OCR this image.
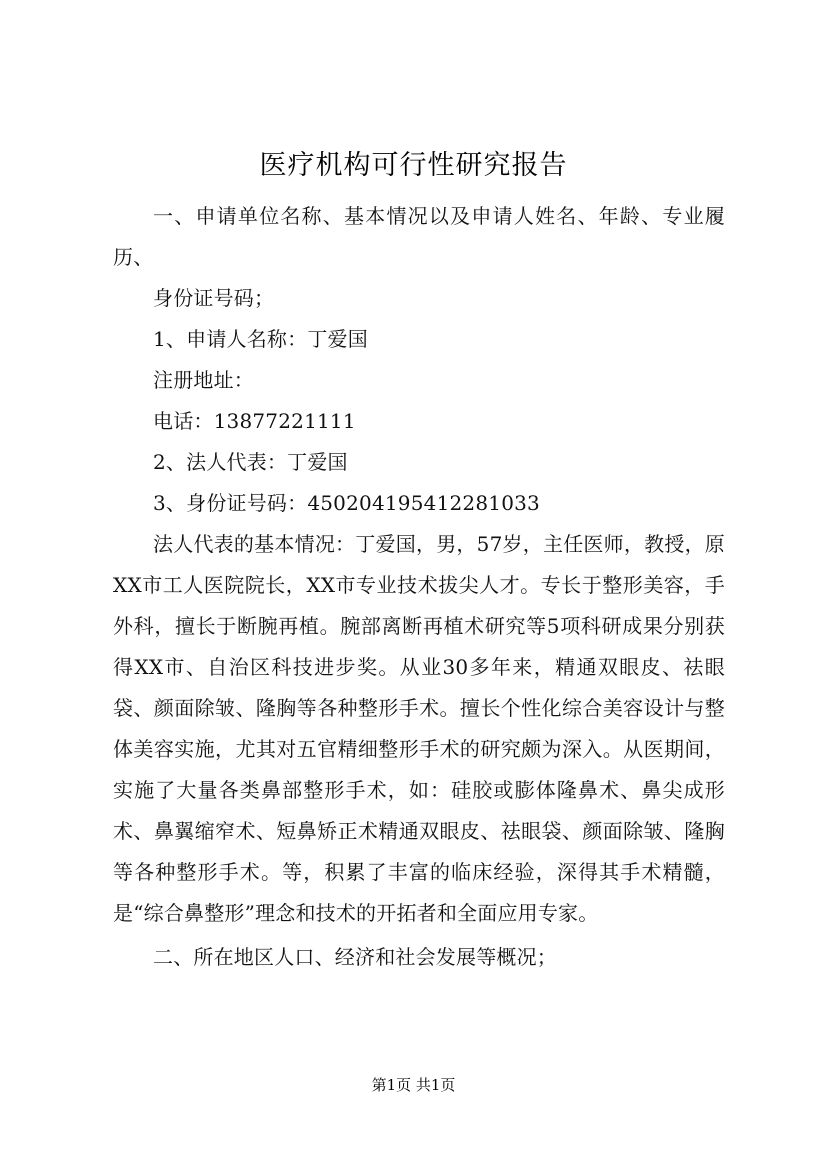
医疗机构可行性研究报告

一、申请单位名称、基本情况以及申请人姓名、年龄、专业履历、

身份证号码；

1、申请人名称：丁爱国

注册地址：

电话：13877221111

2、法人代表：丁爱国

3、身份证号码：450204195412281033

法人代表的基本情况：丁爱国，男，57岁，主任医师，教授，原XX市工人医院院长，XX市专业技术拔尖人才。专长于整形美容，手外科，擅长于断腕再植。腕部离断再植术研究等5项科研成果分别获得XX市、自治区科技进步奖。从业30多年来，精通双眼皮、祛眼袋、颜面除皱、隆胸等各种整形手术。擅长个性化综合美容设计与整体美容实施，尤其对五官精细整形手术的研究颇为深入。从医期间，实施了大量各类鼻部整形手术，如：硅胶或膨体隆鼻术、鼻尖成形术、鼻翼缩窄术、短鼻矫正术精通双眼皮、祛眼袋、颜面除皱、隆胸等各种整形手术。等，积累了丰富的临床经验，深得其手术精髓，是“综合鼻整形”理念和技术的开拓者和全面应用专家。

二、所在地区人口、经济和社会发展等概况；

第1页 共1页
